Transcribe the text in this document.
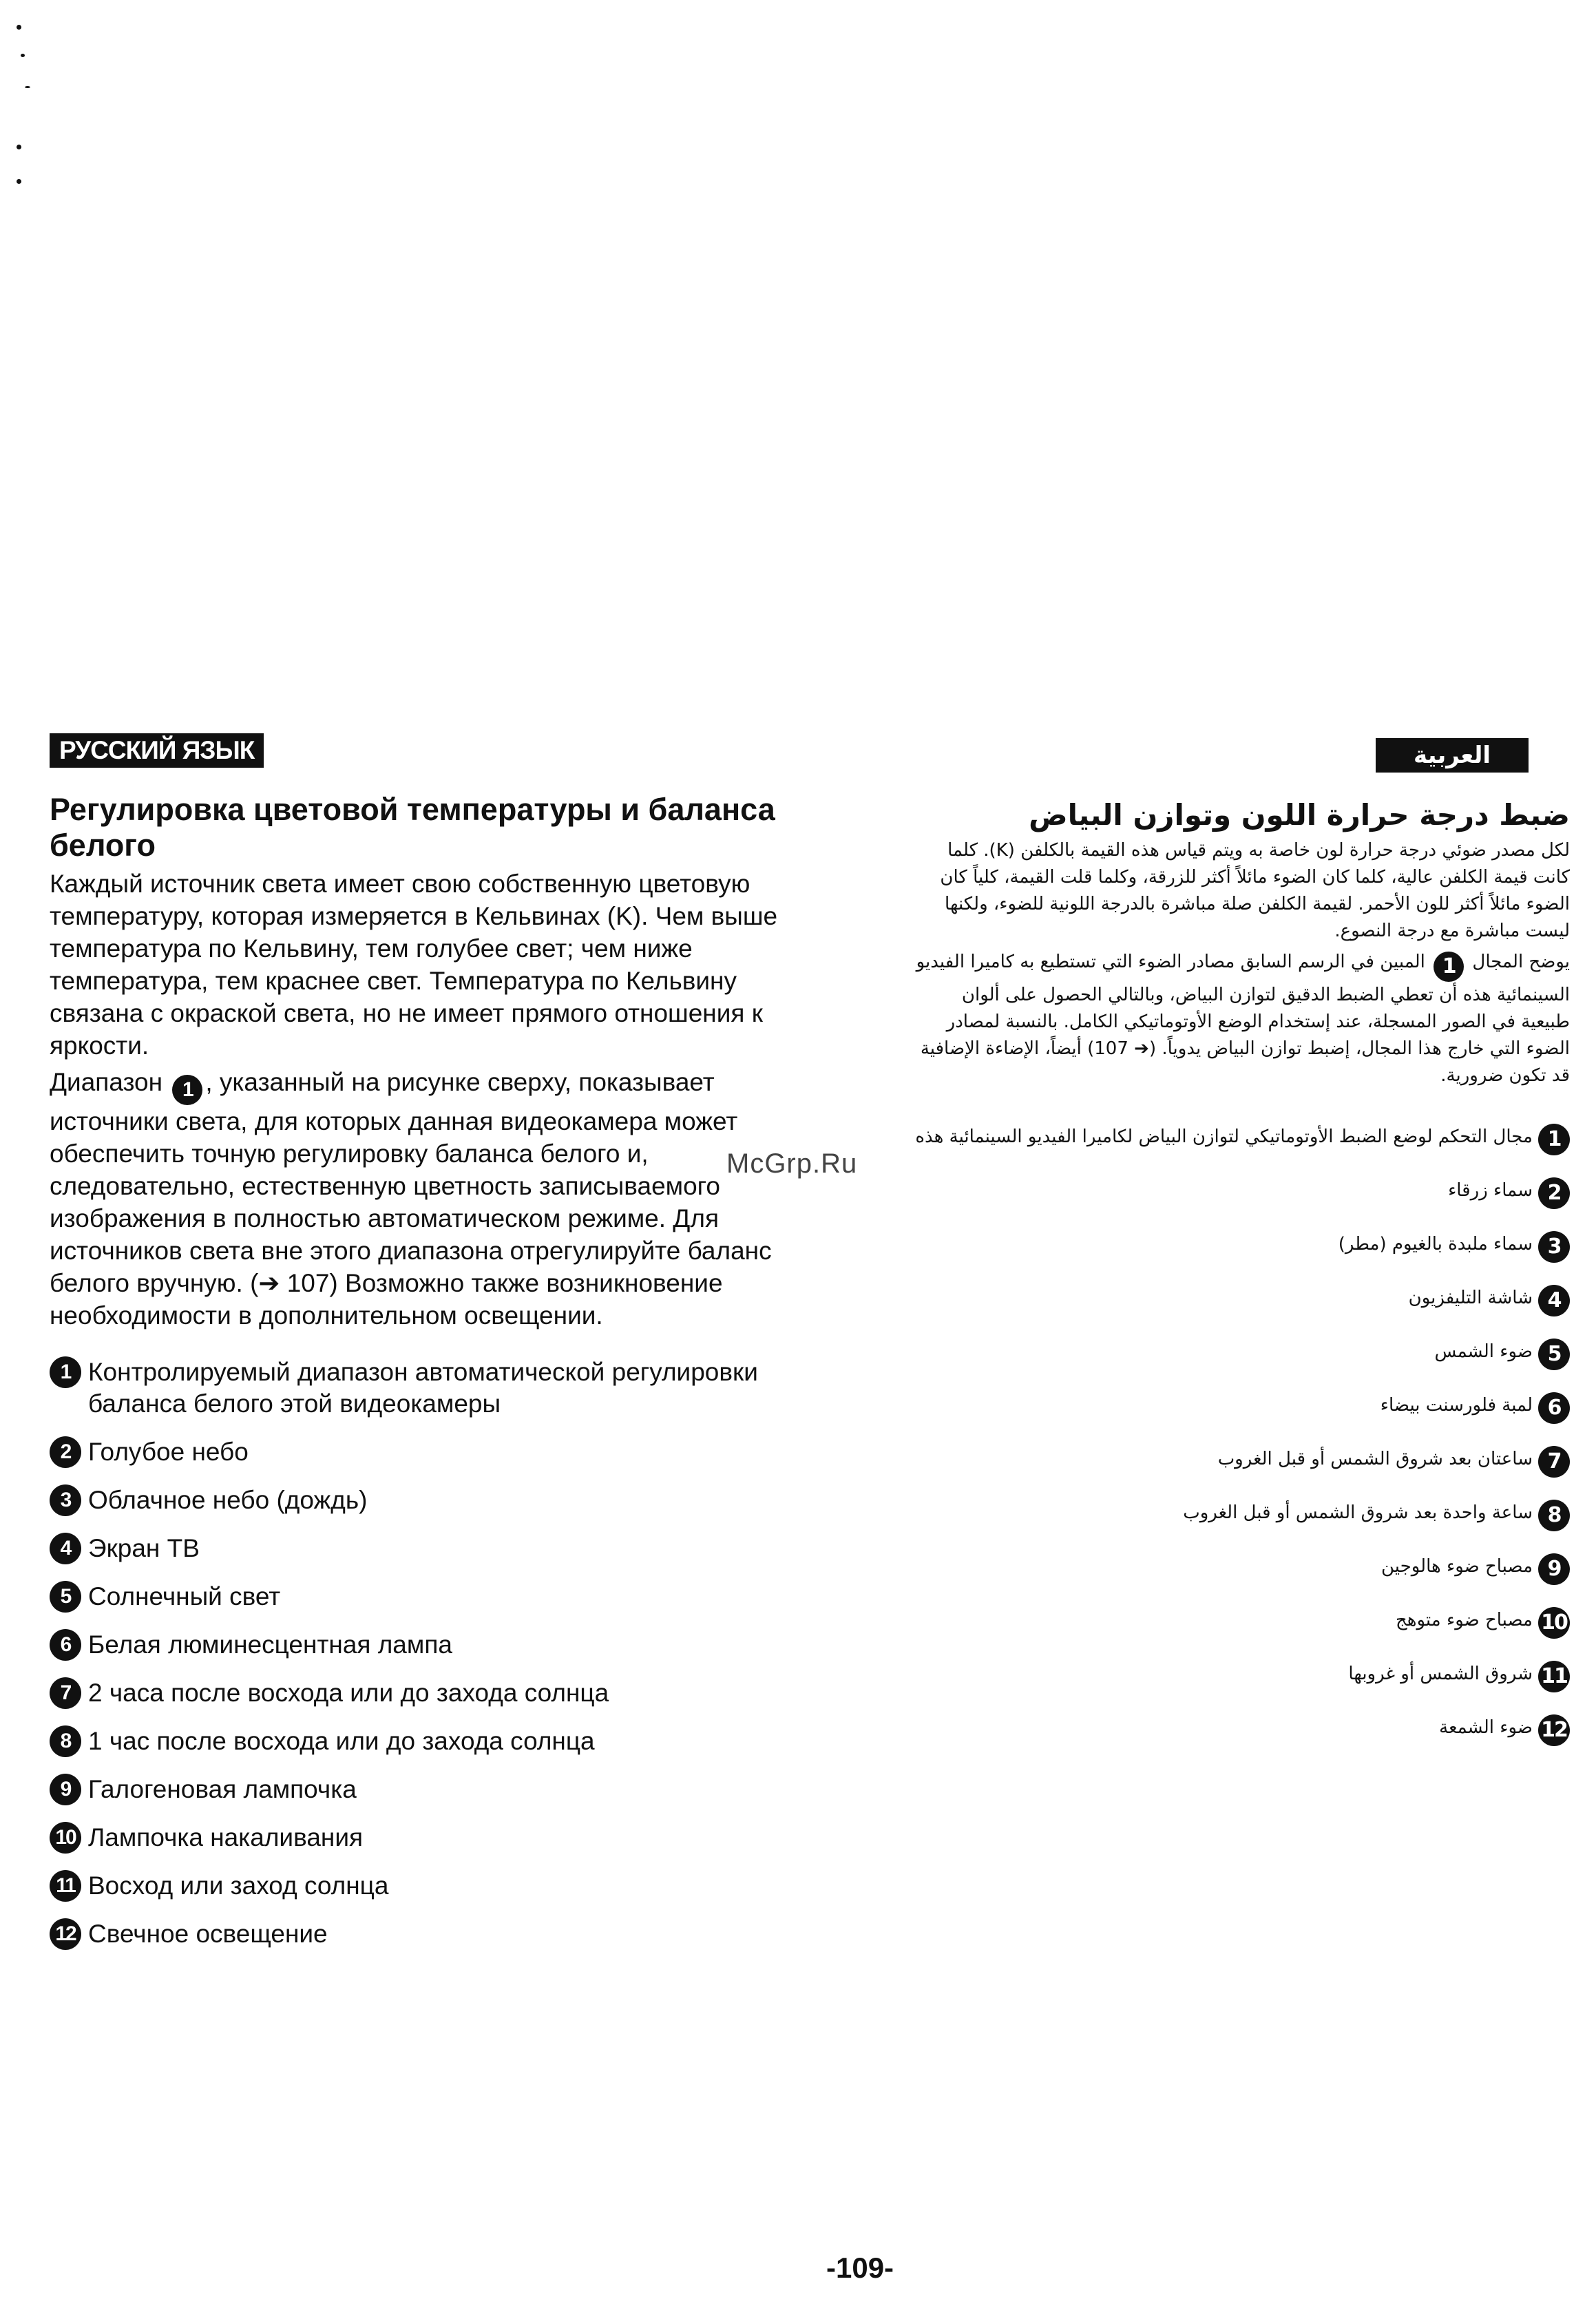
РУССКИЙ ЯЗЫК
Регулировка цветовой температуры и баланса белого

Каждый источник света имеет свою собственную цветовую температуру, которая измеряется в Кельвинах (K). Чем выше температура по Кельвину, тем голубее свет; чем ниже температура, тем краснее свет. Температура по Кельвину связана с окраской света, но не имеет прямого отношения к яркости.

Диапазон 1 , указанный на рисунке сверху, показывает источники света, для которых данная видеокамера может обеспечить точную регулировку баланса белого и, следовательно, естественную цветность записываемого изображения в полностью автоматическом режиме. Для источников света вне этого диапазона отрегулируйте баланс белого вручную. (➔ 107) Возможно также возникновение необходимости в дополнительном освещении.

1 Контролируемый диапазон автоматической регулировки баланса белого этой видеокамеры
2 Голубое небо
3 Облачное небо (дождь)
4 Экран ТВ
5 Солнечный свет
6 Белая люминесцентная лампа
7 2 часа после восхода или до захода солнца
8 1 час после восхода или до захода солнца
9 Галогеновая лампочка
10 Лампочка накаливания
11 Восход или заход солнца
12 Свечное освещение
العربية
ضبط درجة حرارة اللون وتوازن البياض

لكل مصدر ضوئي درجة حرارة لون خاصة به ويتم قياس هذه القيمة بالكلفن (K). كلما كانت قيمة الكلفن عالية، كلما كان الضوء مائلاً أكثر للزرقة، وكلما قلت القيمة، كلياً كان الضوء مائلاً أكثر للون الأحمر. لقيمة الكلفن صلة مباشرة بالدرجة اللونية للضوء، ولكنها ليست مباشرة مع درجة النصوع.

يوضح المجال 1 المبين في الرسم السابق مصادر الضوء التي تستطيع به كاميرا الفيديو السينمائية هذه أن تعطي الضبط الدقيق لتوازن البياض، وبالتالي الحصول على ألوان طبيعية في الصور المسجلة، عند إستخدام الوضع الأوتوماتيكي الكامل. بالنسبة لمصادر الضوء التي خارج هذا المجال، إضبط توازن البياض يدوياً. (➔ 107) أيضاً، الإضاءة الإضافية قد تكون ضرورية.

1
مجال التحكم لوضع الضبط الأوتوماتيكي لتوازن البياض لكاميرا الفيديو السينمائية هذه
2
سماء زرقاء
3
سماء ملبدة بالغيوم (مطر)
4
شاشة التليفزيون
5
ضوء الشمس
6
لمبة فلورسنت بيضاء
7
ساعتان بعد شروق الشمس أو قبل الغروب
8
ساعة واحدة بعد شروق الشمس أو قبل الغروب
9
مصباح ضوء هالوجين
10
مصباح ضوء متوهج
11
شروق الشمس أو غروبها
12
ضوء الشمعة
McGrp.Ru
-109-
